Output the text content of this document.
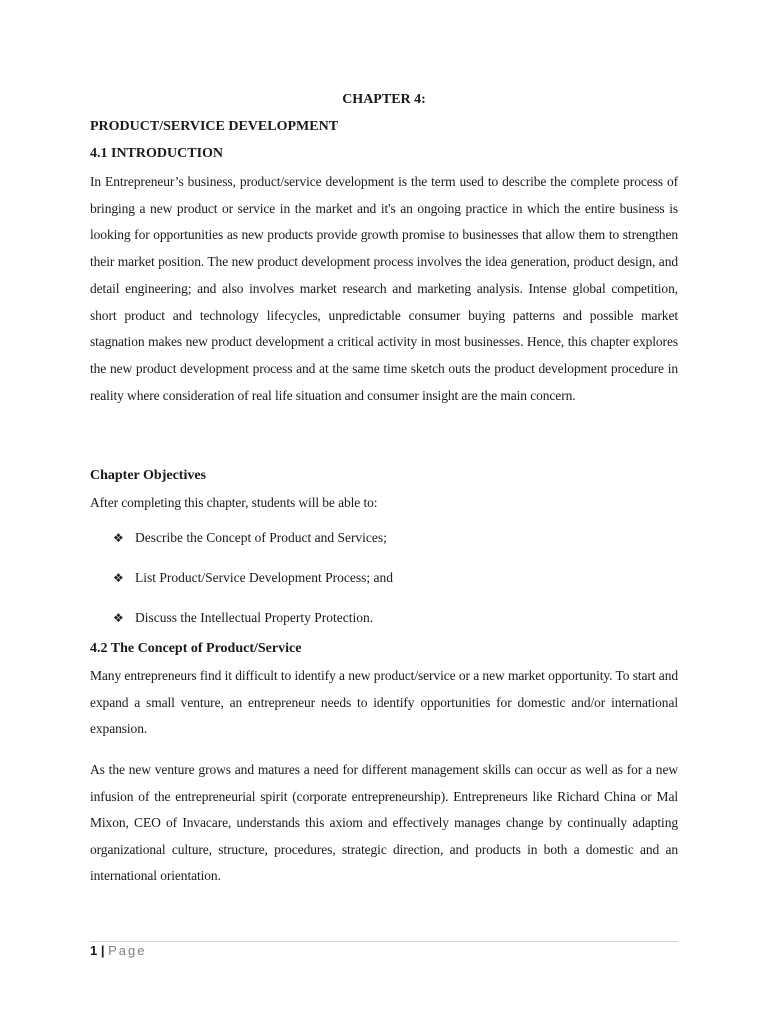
CHAPTER 4:
PRODUCT/SERVICE DEVELOPMENT
4.1 INTRODUCTION
In Entrepreneur’s business, product/service development is the term used to describe the complete process of bringing a new product or service in the market and it's an ongoing practice in which the entire business is looking for opportunities as new products provide growth promise to businesses that allow them to strengthen their market position. The new product development process involves the idea generation, product design, and detail engineering; and also involves market research and marketing analysis. Intense global competition, short product and technology lifecycles, unpredictable consumer buying patterns and possible market stagnation makes new product development a critical activity in most businesses. Hence, this chapter explores the new product development process and at the same time sketch outs the product development procedure in reality where consideration of real life situation and consumer insight are the main concern.
Chapter Objectives
After completing this chapter, students will be able to:
❖ Describe the Concept of Product and Services;
❖ List Product/Service Development Process; and
❖ Discuss the Intellectual Property Protection.
4.2 The Concept of Product/Service
Many entrepreneurs find it difficult to identify a new product/service or a new market opportunity. To start and expand a small venture, an entrepreneur needs to identify opportunities for domestic and/or international expansion.
As the new venture grows and matures a need for different management skills can occur as well as for a new infusion of the entrepreneurial spirit (corporate entrepreneurship). Entrepreneurs like Richard China or Mal Mixon, CEO of Invacare, understands this axiom and effectively manages change by continually adapting organizational culture, structure, procedures, strategic direction, and products in both a domestic and an international orientation.
1 | Page
